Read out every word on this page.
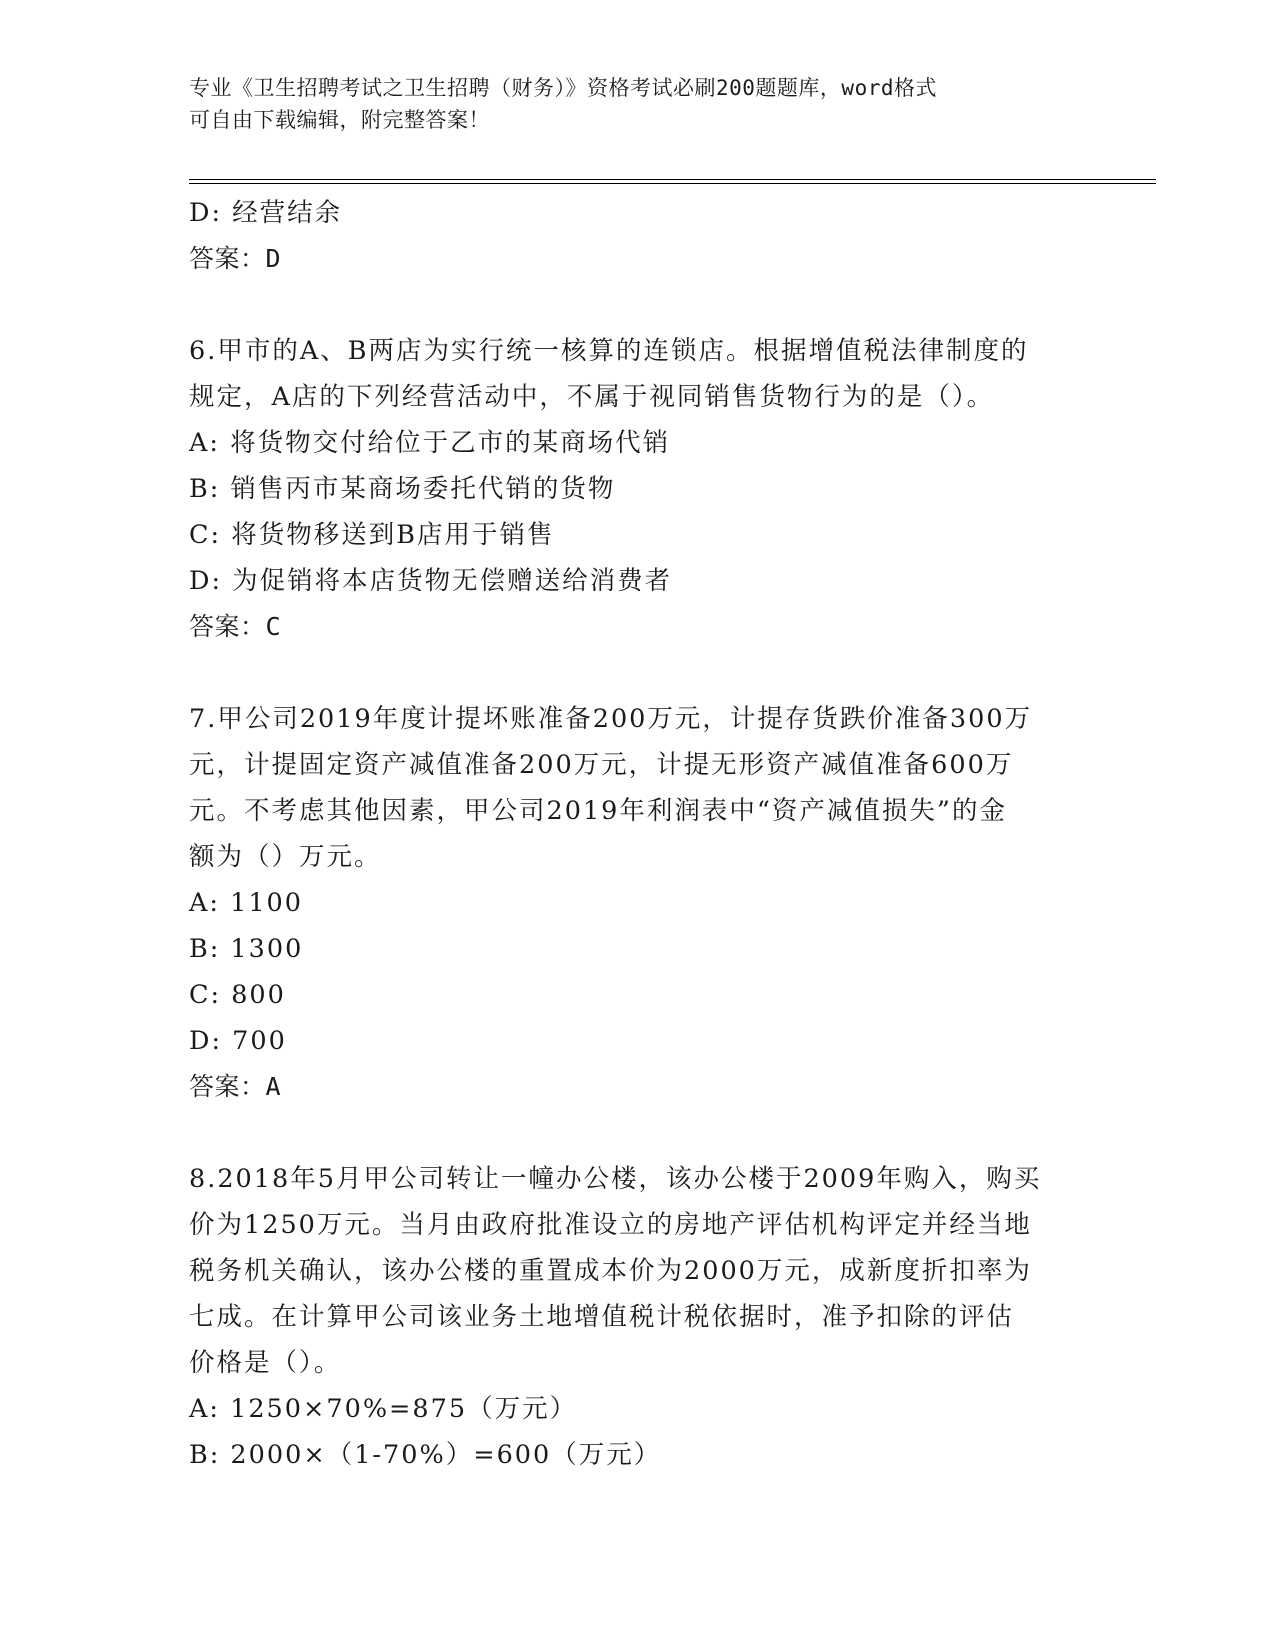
专业《卫生招聘考试之卫生招聘（财务）》资格考试必刷200题题库，word格式
可自由下载编辑，附完整答案！
D: 经营结余
答案：D
6.甲市的A、B两店为实行统一核算的连锁店。根据增值税法律制度的
规定，A店的下列经营活动中，不属于视同销售货物行为的是（）。
A: 将货物交付给位于乙市的某商场代销
B: 销售丙市某商场委托代销的货物
C: 将货物移送到B店用于销售
D: 为促销将本店货物无偿赠送给消费者
答案：C
7.甲公司2019年度计提坏账准备200万元，计提存货跌价准备300万
元，计提固定资产减值准备200万元，计提无形资产减值准备600万
元。不考虑其他因素，甲公司2019年利润表中“资产减值损失”的金
额为（）万元。
A: 1100
B: 1300
C: 800
D: 700
答案：A
8.2018年5月甲公司转让一幢办公楼，该办公楼于2009年购入，购买
价为1250万元。当月由政府批准设立的房地产评估机构评定并经当地
税务机关确认，该办公楼的重置成本价为2000万元，成新度折扣率为
七成。在计算甲公司该业务土地增值税计税依据时，准予扣除的评估
价格是（）。
A: 1250×70%=875（万元）
B: 2000×（1-70%）=600（万元）
